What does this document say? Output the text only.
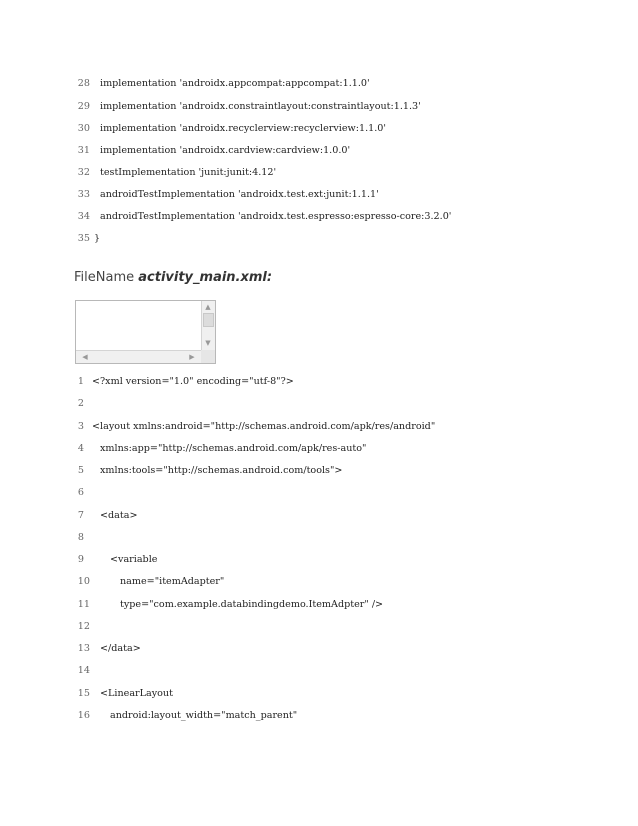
28 implementation 'androidx.appcompat:appcompat:1.1.0'
29 implementation 'androidx.constraintlayout:constraintlayout:1.1.3'
30 implementation 'androidx.recyclerview:recyclerview:1.1.0'
31 implementation 'androidx.cardview:cardview:1.0.0'
32 testImplementation 'junit:junit:4.12'
33 androidTestImplementation 'androidx.test.ext:junit:1.1.1'
34 androidTestImplementation 'androidx.test.espresso:espresso-core:3.2.0'
35 }
FileName activity_main.xml:
▲
▼
◀	▶
1 <?xml version="1.0" encoding="utf-8"?>
2
3 <layout xmlns:android="http://schemas.android.com/apk/res/android"
4 xmlns:app="http://schemas.android.com/apk/res-auto"
5 xmlns:tools="http://schemas.android.com/tools">
6
7 <data>
8
9	<variable
10	name="itemAdapter"
11	type="com.example.databindingdemo.ItemAdpter" />
12
13 </data>
14
15 <LinearLayout
16 android:layout_width="match_parent"
